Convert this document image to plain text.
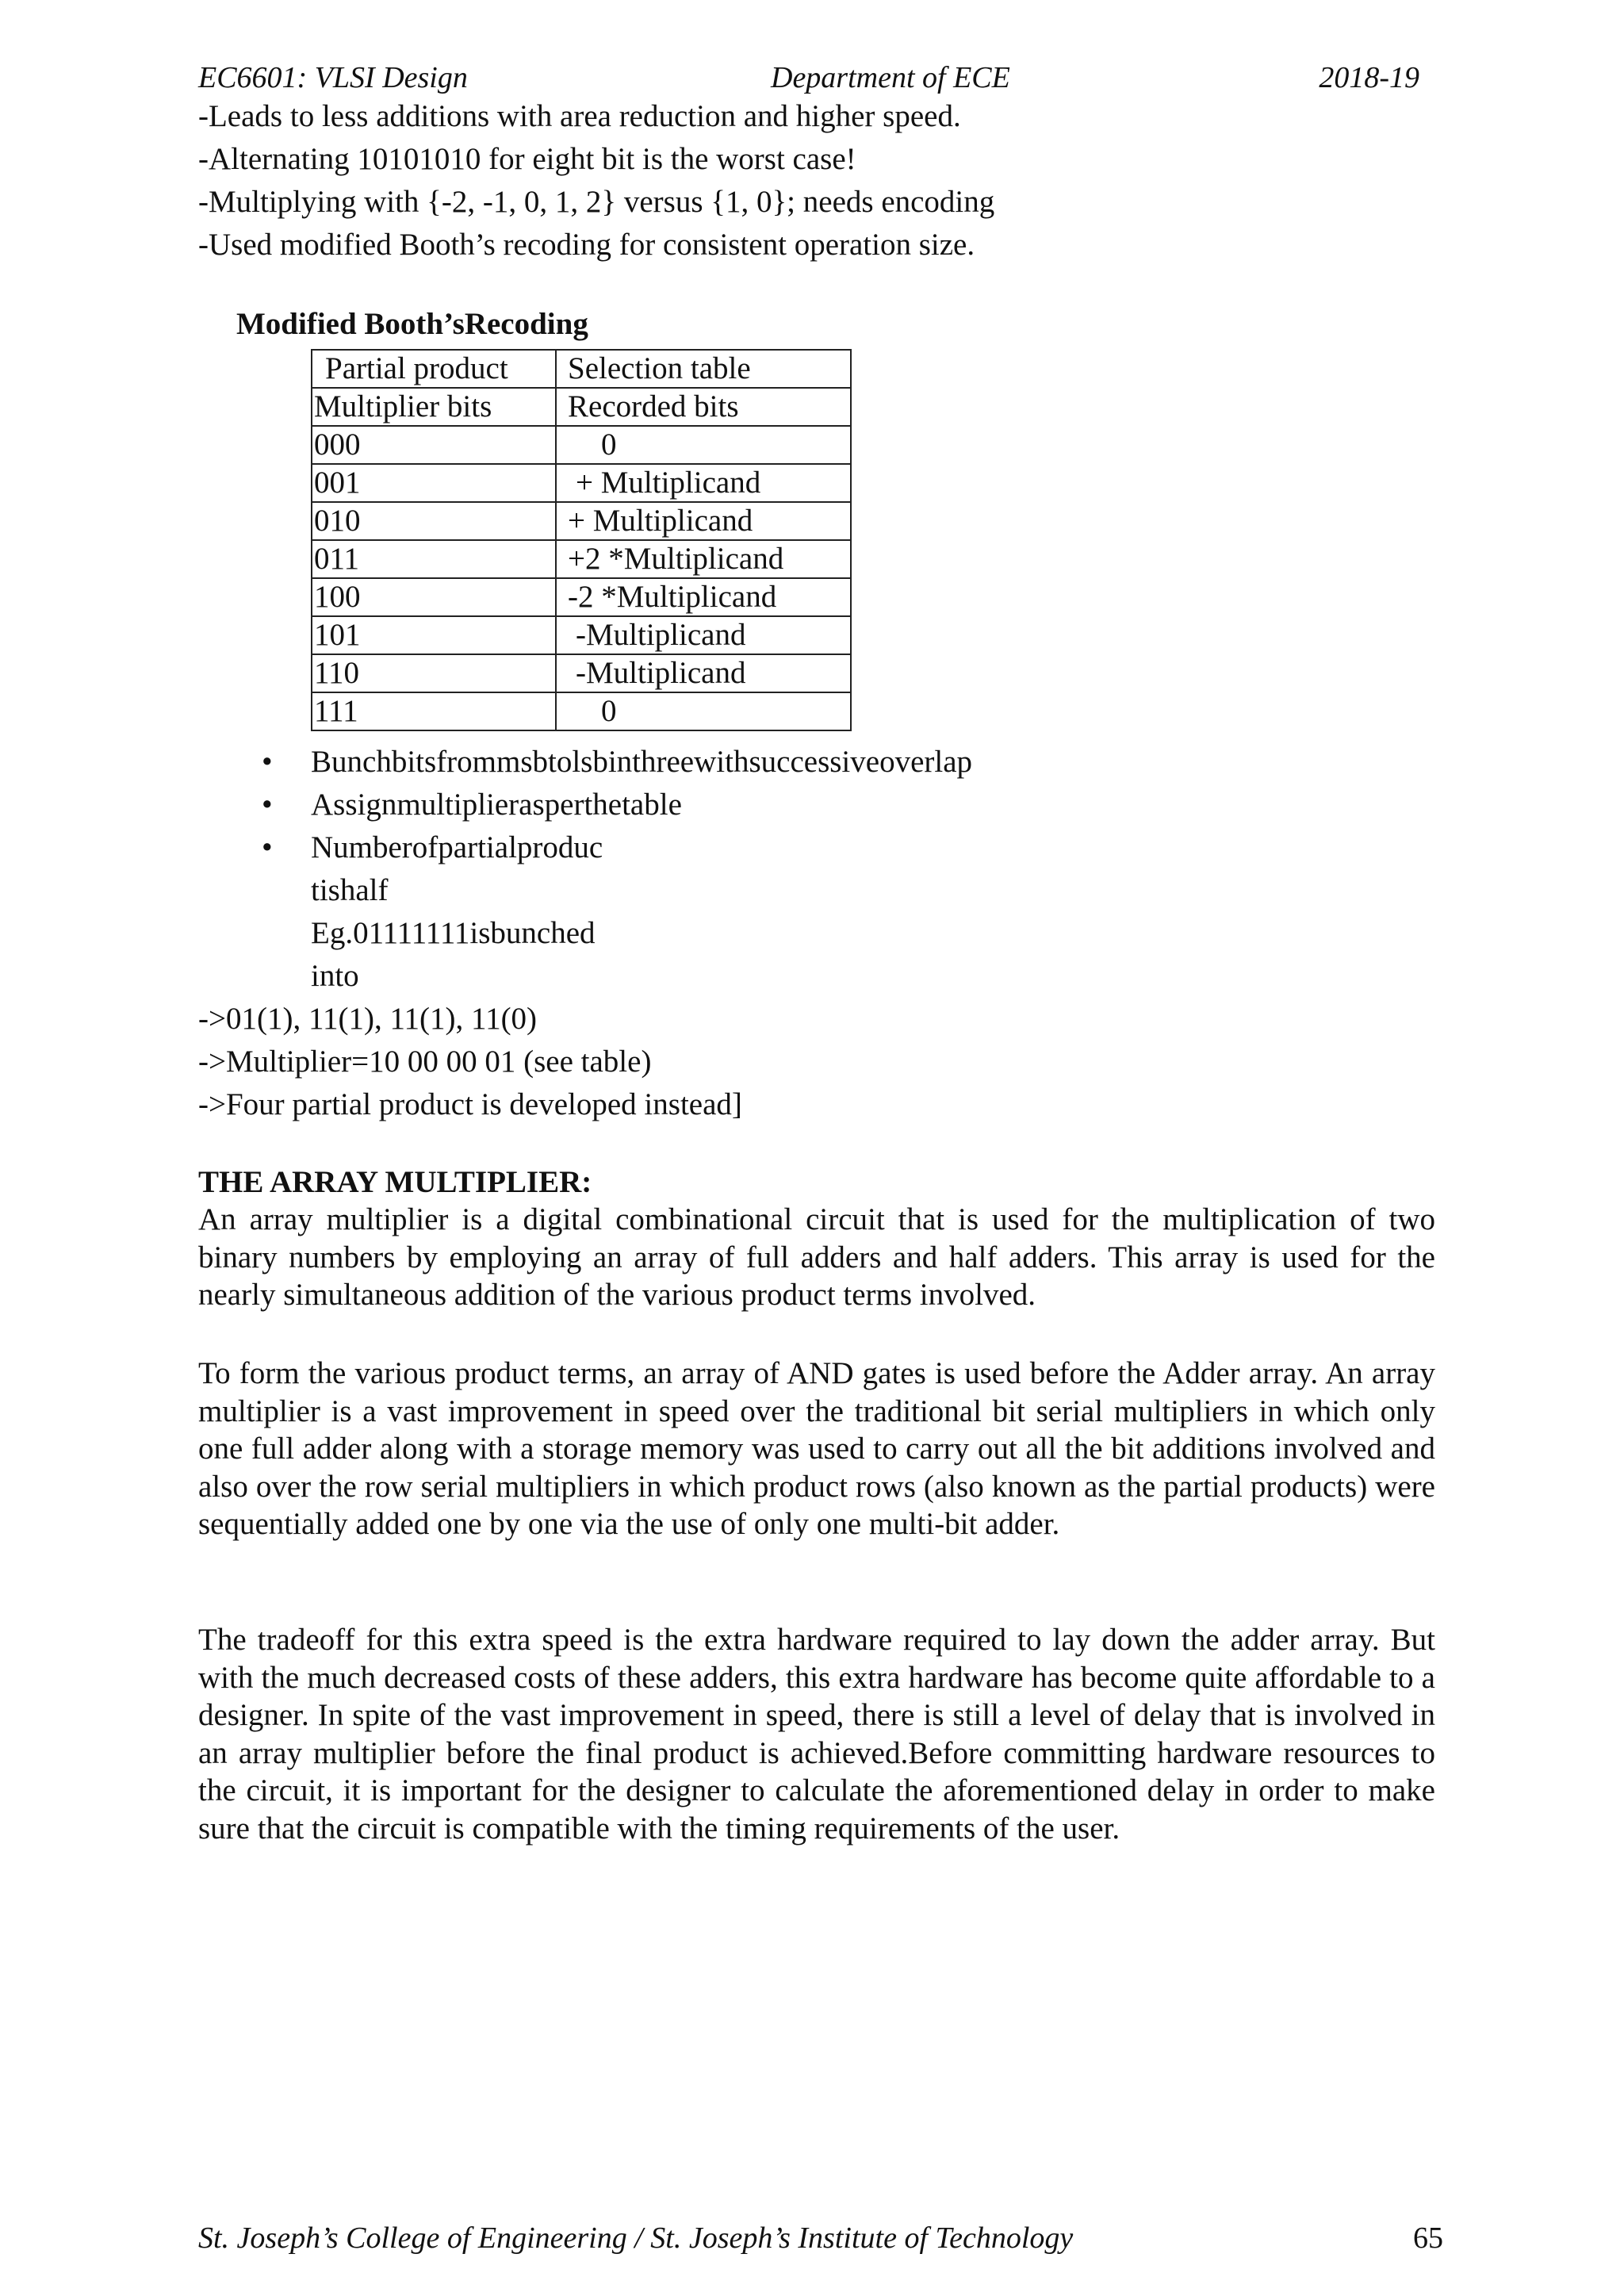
EC6601: VLSI Design	Department of ECE	2018-19
-Leads to less additions with area reduction and higher speed.
-Alternating 10101010 for eight bit is the worst case!
-Multiplying with {-2, -1, 0, 1, 2} versus {1, 0}; needs encoding
-Used modified Booth’s recoding for consistent operation size.
Modified Booth’sRecoding
Partial product	Selection table
Multiplier bits	Recorded bits
000	0
001	+ Multiplicand
010	+ Multiplicand
011	+2 *Multiplicand
100	-2 *Multiplicand
101	-Multiplicand
110	-Multiplicand
111	0
•	Bunchbitsfrommsbtolsbinthreewithsuccessiveoverlap
•	Assignmultiplierasperthetable
•	Numberofpartialproduc
tishalf
Eg.01111111isbunched
into
->01(1), 11(1), 11(1), 11(0)
->Multiplier=10 00 00 01 (see table)
->Four partial product is developed instead]
THE ARRAY MULTIPLIER:
An array multiplier is a digital combinational circuit that is used for the multiplication of two binary numbers by employing an array of full adders and half adders. This array is used for the nearly simultaneous addition of the various product terms involved.
To form the various product terms, an array of AND gates is used before the Adder array. An array multiplier is a vast improvement in speed over the traditional bit serial multipliers in which only one full adder along with a storage memory was used to carry out all the bit additions involved and also over the row serial multipliers in which product rows (also known as the partial products) were sequentially added one by one via the use of only one multi-bit adder.
The tradeoff for this extra speed is the extra hardware required to lay down the adder array. But with the much decreased costs of these adders, this extra hardware has become quite affordable to a designer. In spite of the vast improvement in speed, there is still a level of delay that is involved in an array multiplier before the final product is achieved.Before committing hardware resources to the circuit, it is important for the designer to calculate the aforementioned delay in order to make sure that the circuit is compatible with the timing requirements of the user.
St. Joseph’s College of Engineering / St. Joseph’s Institute of Technology	65
